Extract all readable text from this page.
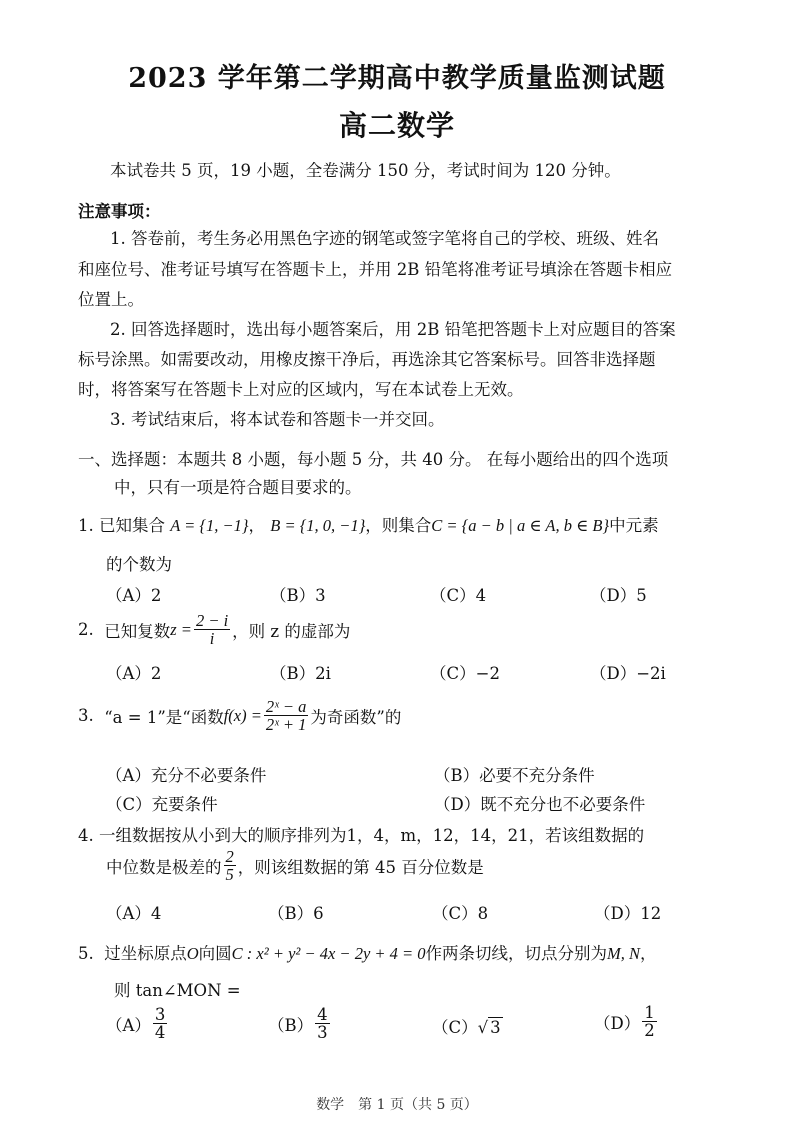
2023 学年第二学期高中教学质量监测试题
高二数学
本试卷共 5 页，19 小题，全卷满分 150 分，考试时间为 120 分钟。
注意事项：
1. 答卷前，考生务必用黑色字迹的钢笔或签字笔将自己的学校、班级、姓名
和座位号、准考证号填写在答题卡上，并用 2B 铅笔将准考证号填涂在答题卡相应
位置上。
2. 回答选择题时，选出每小题答案后，用 2B 铅笔把答题卡上对应题目的答案
标号涂黑。如需要改动，用橡皮擦干净后，再选涂其它答案标号。回答非选择题
时，将答案写在答题卡上对应的区域内，写在本试卷上无效。
3. 考试结束后，将本试卷和答题卡一并交回。
一、选择题：本题共 8 小题，每小题 5 分，共 40 分。 在每小题给出的四个选项
中，只有一项是符合题目要求的。
1. 已知集合 A = {1, −1}， B = {1, 0, −1}，则集合C = {a − b | a ∈ A, b ∈ B}中元素
的个数为
（A）2	（B）3	（C）4	（D）5
2.
已知复数 $z = \frac{2 - i}{i}$ ，则 z 的虚部为
（A）2	（B）2i	（C）−2	（D）−2i
3.
“a = 1”是“函数 $f(x) = \frac{\text{2ˣ − a}}{\text{2ˣ + 1}}$ 为奇函数”的
（A）充分不必要条件	（B）必要不充分条件
（C）充要条件	（D）既不充分也不必要条件
4. 一组数据按从小到大的顺序排列为1，4，m，12，14，21，若该组数据的
中位数是极差的 $\frac{2}{5}$ ，则该组数据的第 45 百分位数是
（A）4	（B）6	（C）8	（D）12
5. 过坐标原点O向圆C : x² + y² − 4x − 2y + 4 = 0作两条切线，切点分别为M, N，
则 tan∠MON =
$(A) \frac{3}{4}$	$(B) \frac{4}{3}$	（C）√ 3	$(D) \frac{1}{2}$
数学　第 1 页（共 5 页）
